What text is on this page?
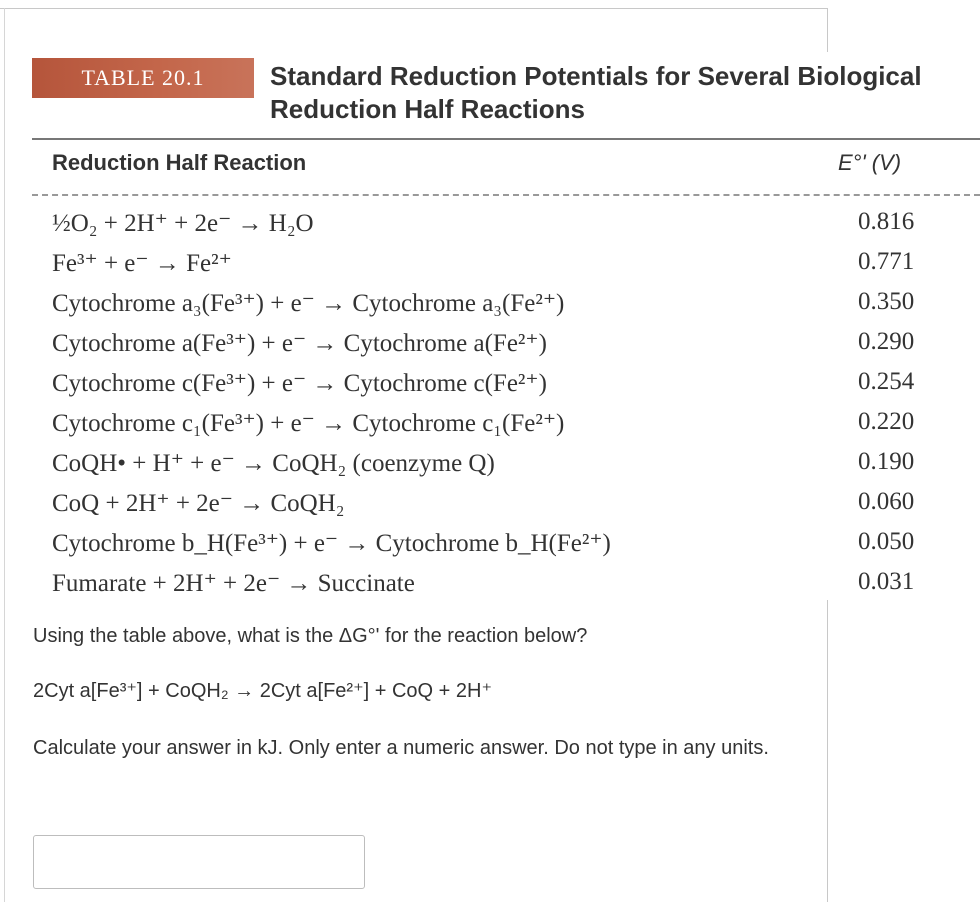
TABLE 20.1	Standard Reduction Potentials for Several Biological Reduction Half Reactions
Reduction Half Reaction	E°' (V)
½O₂ + 2H⁺ + 2e⁻ → H₂O	0.816
Fe³⁺ + e⁻ → Fe²⁺	0.771
Cytochrome a₃(Fe³⁺) + e⁻ → Cytochrome a₃(Fe²⁺)	0.350
Cytochrome a(Fe³⁺) + e⁻ → Cytochrome a(Fe²⁺)	0.290
Cytochrome c(Fe³⁺) + e⁻ → Cytochrome c(Fe²⁺)	0.254
Cytochrome c₁(Fe³⁺) + e⁻ → Cytochrome c₁(Fe²⁺)	0.220
CoQH• + H⁺ + e⁻ → CoQH₂ (coenzyme Q)	0.190
CoQ + 2H⁺ + 2e⁻ → CoQH₂	0.060
Cytochrome b_H(Fe³⁺) + e⁻ → Cytochrome b_H(Fe²⁺)	0.050
Fumarate + 2H⁺ + 2e⁻ → Succinate	0.031
Using the table above, what is the ΔG°' for the reaction below?
2Cyt a[Fe³⁺] + CoQH₂ → 2Cyt a[Fe²⁺] + CoQ + 2H⁺
Calculate your answer in kJ. Only enter a numeric answer. Do not type in any units.
